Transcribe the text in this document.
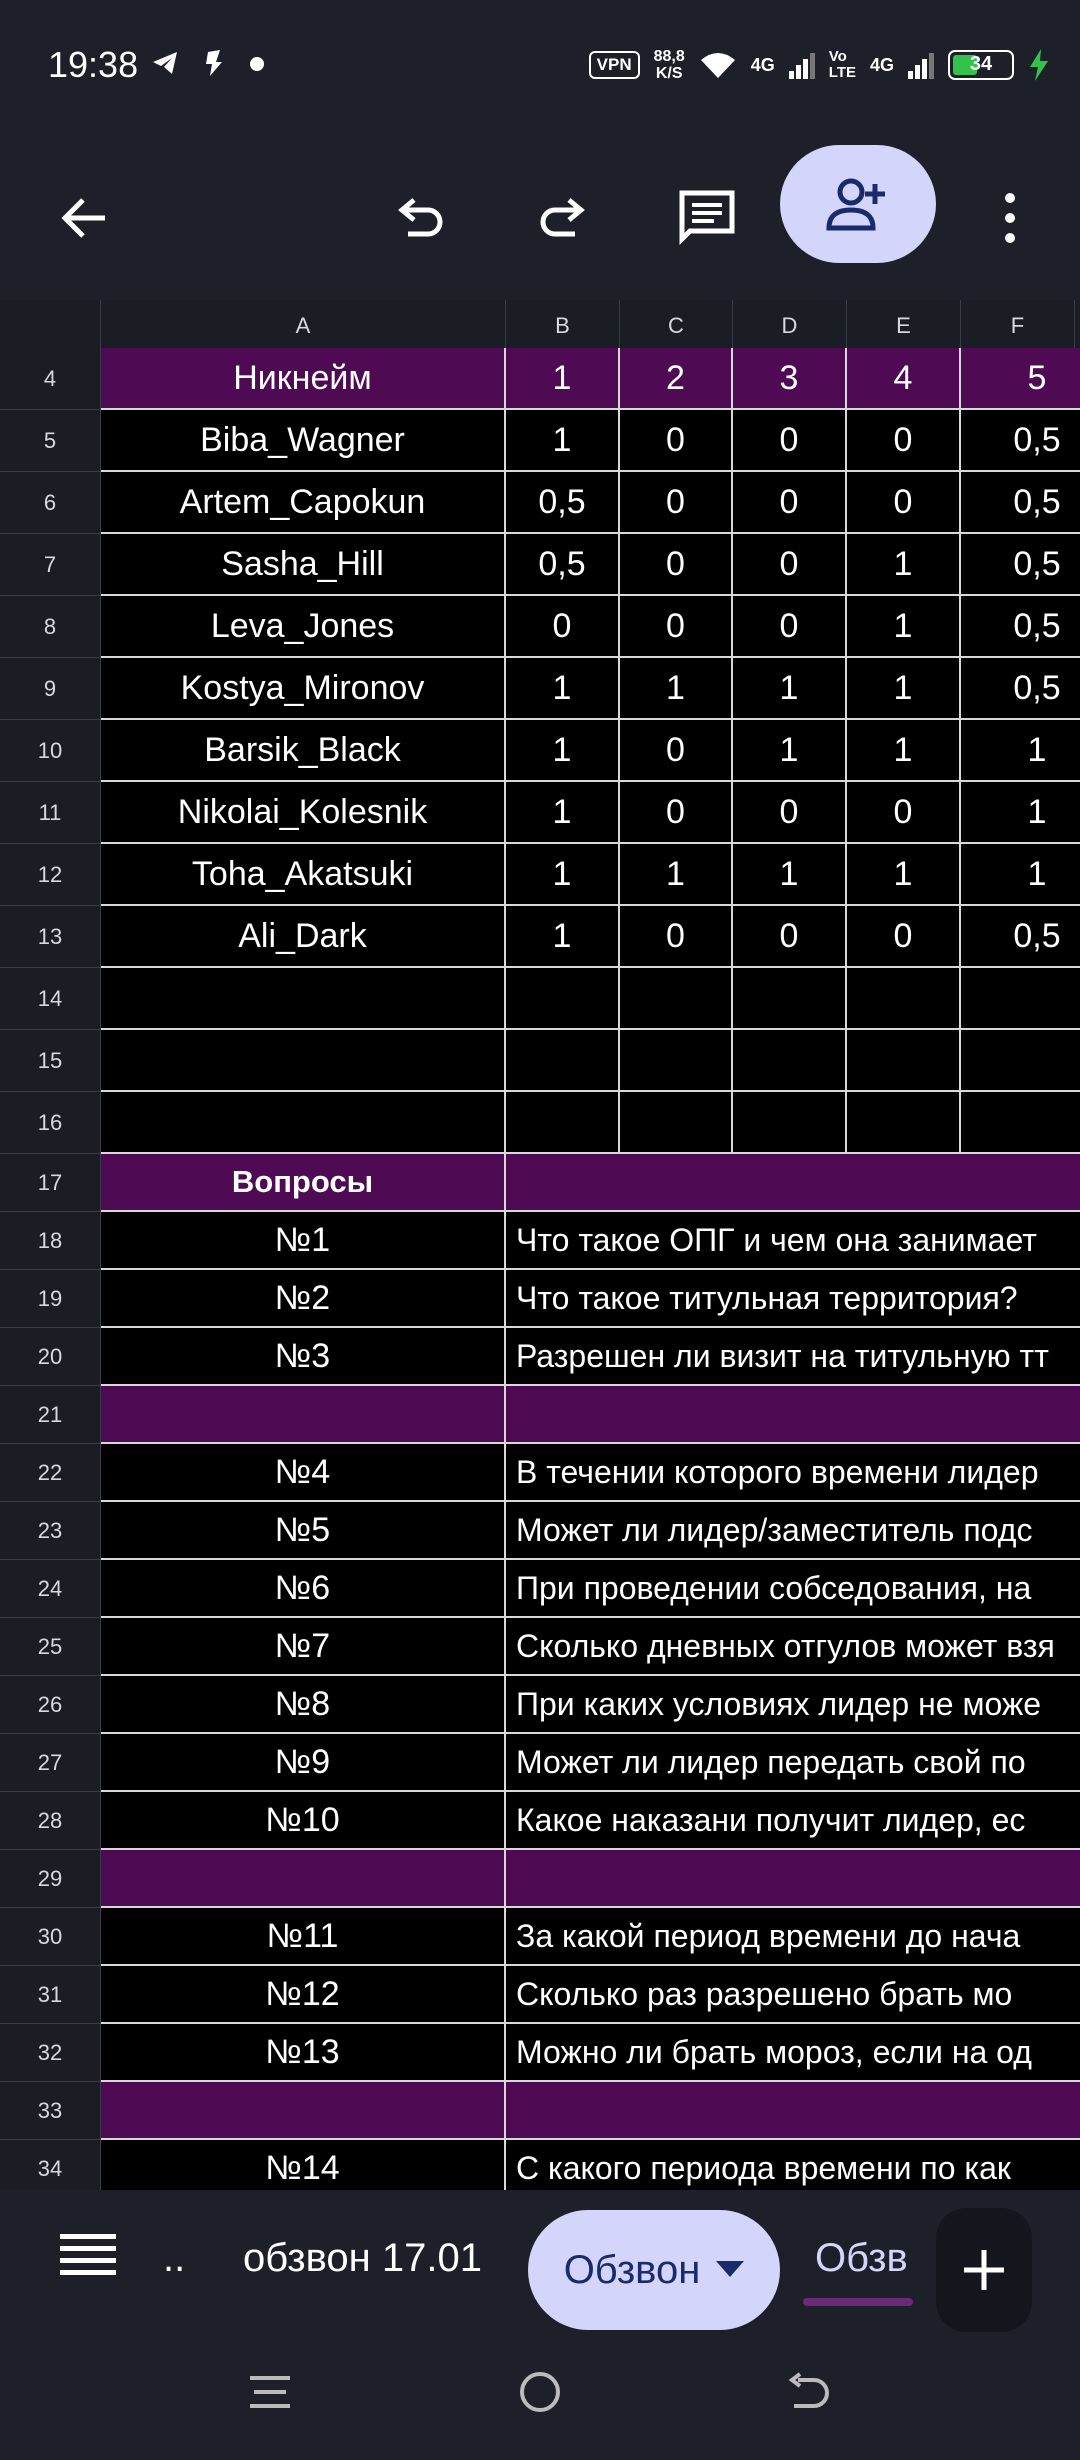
19:38	VPN	88,8
K/S	4G	Vo
LTE 4G	34
A	B	C	D	E	F
4
5
6
7
8
9
10
11
12
13
14
15
16
17
18
19
20
21
22
23
24
25
26
27
28
29
30
31
32
33
34
Никнейм	1	2	3	4	5
Biba_Wagner	1	0	0	0	0,5
Artem_Capokun	0,5	0	0	0	0,5
Sasha_Hill	0,5	0	0	1	0,5
Leva_Jones	0	0	0	1	0,5
Kostya_Mironov	1	1	1	1	0,5
Barsik_Black	1	0	1	1	1
Nikolai_Kolesnik	1	0	0	0	1
Toha_Akatsuki	1	1	1	1	1
Ali_Dark	1	0	0	0	0,5
Вопросы
№1	Что такое ОПГ и чем она занимает
№2	Что такое титульная территория?
№3	Разрешен ли визит на титульную тт
№4	В течении которого времени лидер
№5	Может ли лидер/заместитель подс
№6	При проведении собседования, на
№7	Сколько дневных отгулов может взя
№8	При каких условиях лидер не може
№9	Может ли лидер передать свой по
№10	Какое наказани получит лидер, ес
№11	За какой период времени до нача
№12	Сколько раз разрешено брать мо
№13	Можно ли брать мороз, если на од
№14	С какого периода времени по как
.. обзвон 17.01 Обзвон	Обзв
